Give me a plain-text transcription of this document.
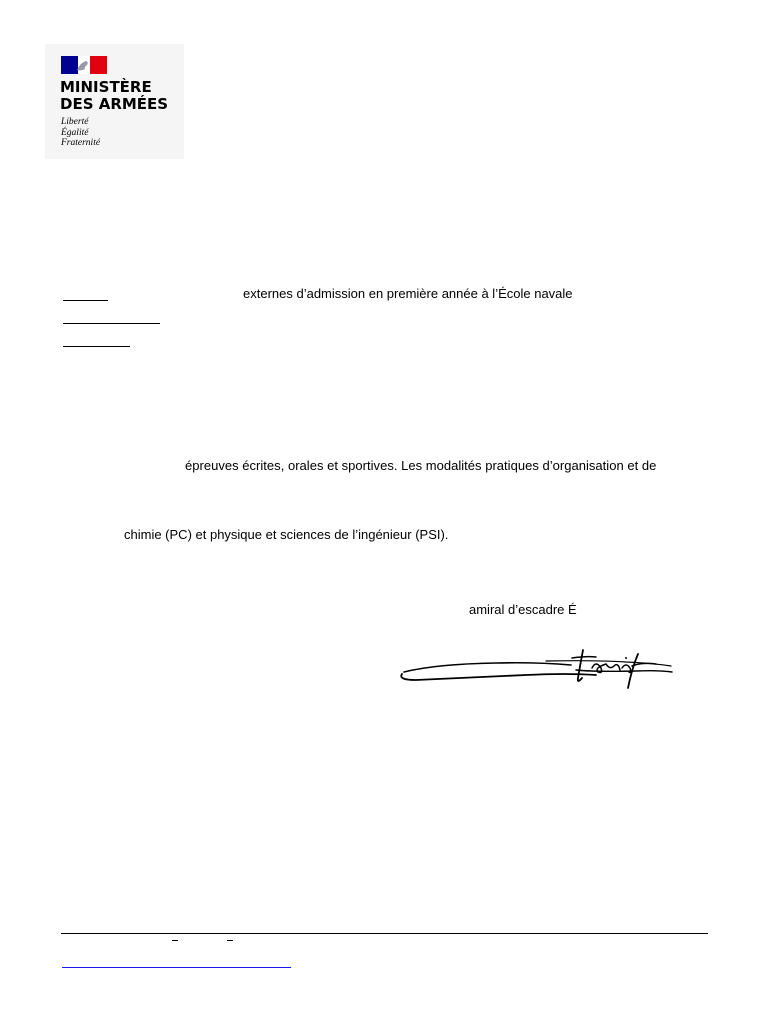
MINISTÈRE
DES ARMÉES
Liberté
Égalité
Fraternité
externes d’admission en première année à l’École navale
épreuves écrites, orales et sportives. Les modalités pratiques d’organisation et de
chimie (PC) et physique et sciences de l’ingénieur (PSI).
amiral d’escadre É
